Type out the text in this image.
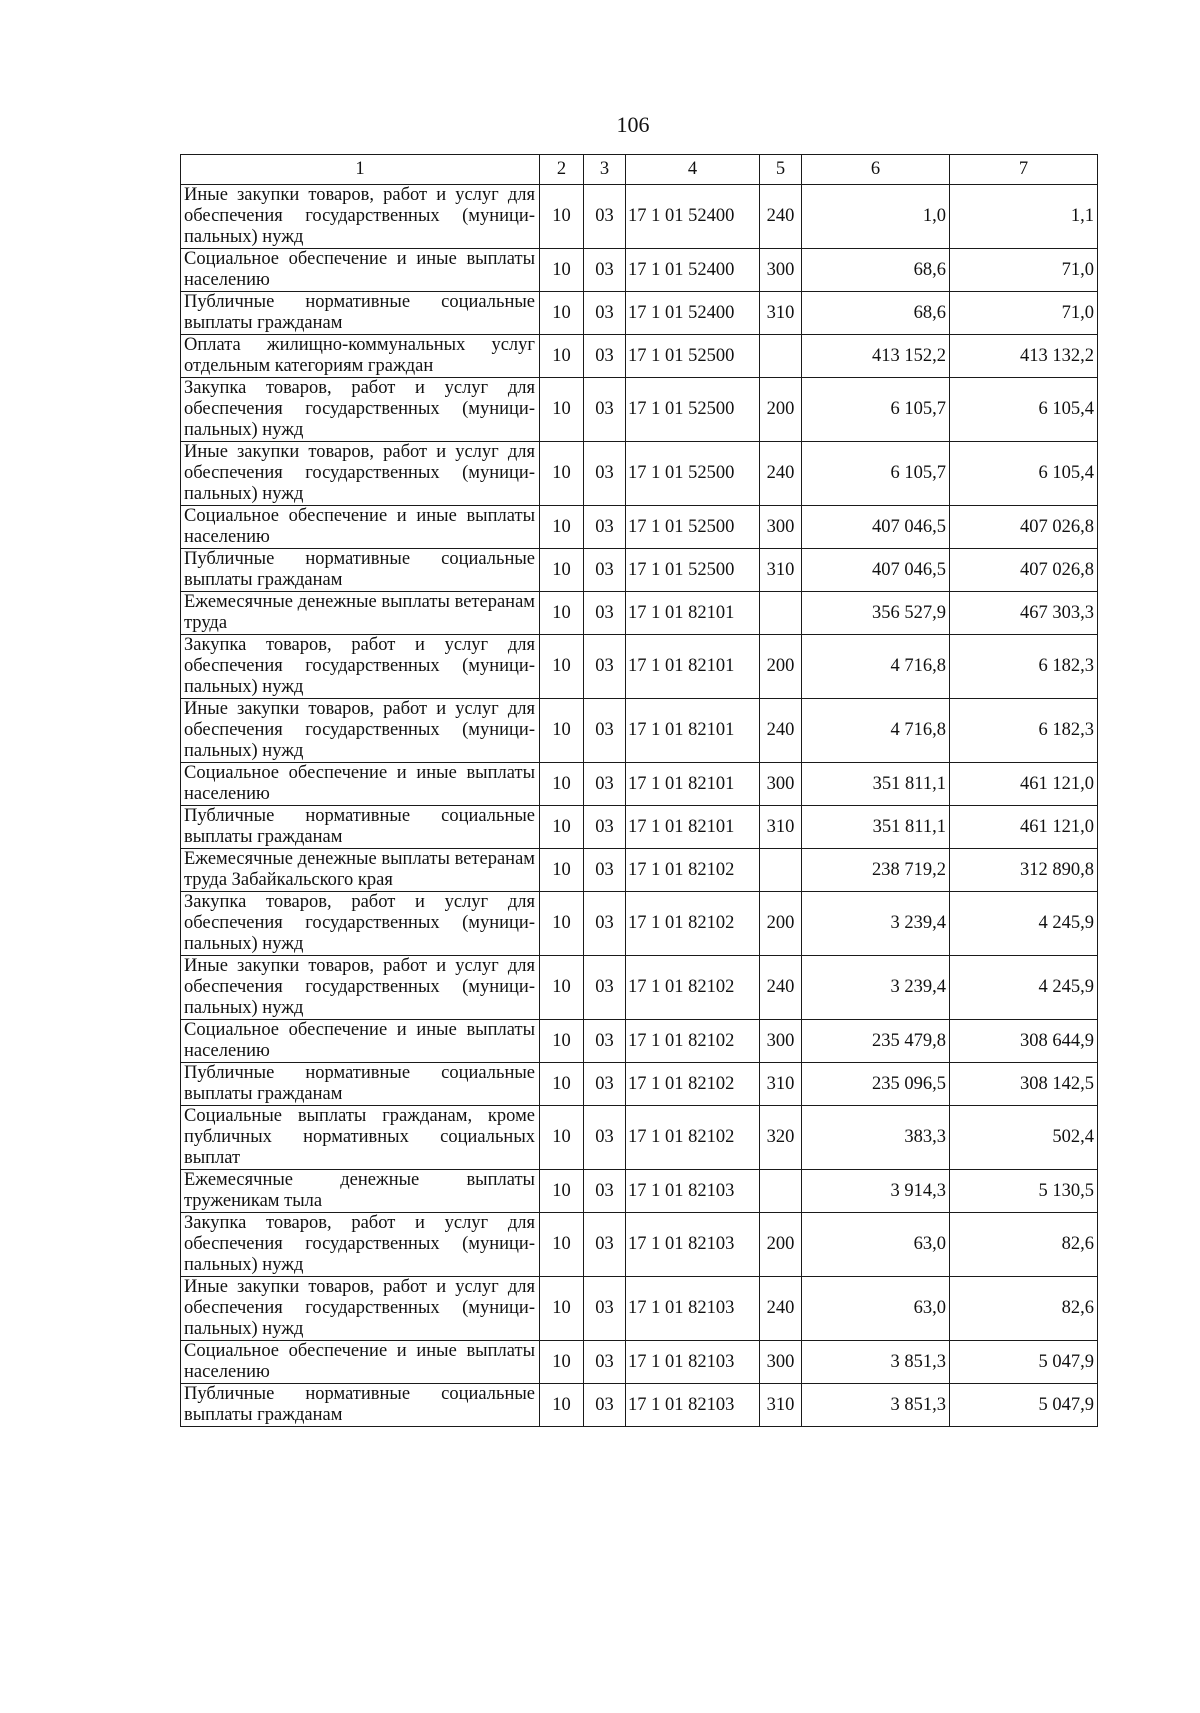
106
1	2	3	4	5	6	7
Иные закупки товаров, работ и услуг для обеспечения государственных (муници-пальных) нужд	10	03	17 1 01 52400	240	1,0	1,1
Социальное обеспечение и иные выплаты населению	10	03	17 1 01 52400	300	68,6	71,0
Публичные нормативные социальные выплаты гражданам	10	03	17 1 01 52400	310	68,6	71,0
Оплата жилищно-коммунальных услуг отдельным категориям граждан	10	03	17 1 01 52500		413 152,2	413 132,2
Закупка товаров, работ и услуг для обеспечения государственных (муници-пальных) нужд	10	03	17 1 01 52500	200	6 105,7	6 105,4
Иные закупки товаров, работ и услуг для обеспечения государственных (муници-пальных) нужд	10	03	17 1 01 52500	240	6 105,7	6 105,4
Социальное обеспечение и иные выплаты населению	10	03	17 1 01 52500	300	407 046,5	407 026,8
Публичные нормативные социальные выплаты гражданам	10	03	17 1 01 52500	310	407 046,5	407 026,8
Ежемесячные денежные выплаты ветеранам труда	10	03	17 1 01 82101		356 527,9	467 303,3
Закупка товаров, работ и услуг для обеспечения государственных (муници-пальных) нужд	10	03	17 1 01 82101	200	4 716,8	6 182,3
Иные закупки товаров, работ и услуг для обеспечения государственных (муници-пальных) нужд	10	03	17 1 01 82101	240	4 716,8	6 182,3
Социальное обеспечение и иные выплаты населению	10	03	17 1 01 82101	300	351 811,1	461 121,0
Публичные нормативные социальные выплаты гражданам	10	03	17 1 01 82101	310	351 811,1	461 121,0
Ежемесячные денежные выплаты ветеранам труда Забайкальского края	10	03	17 1 01 82102		238 719,2	312 890,8
Закупка товаров, работ и услуг для обеспечения государственных (муници-пальных) нужд	10	03	17 1 01 82102	200	3 239,4	4 245,9
Иные закупки товаров, работ и услуг для обеспечения государственных (муници-пальных) нужд	10	03	17 1 01 82102	240	3 239,4	4 245,9
Социальное обеспечение и иные выплаты населению	10	03	17 1 01 82102	300	235 479,8	308 644,9
Публичные нормативные социальные выплаты гражданам	10	03	17 1 01 82102	310	235 096,5	308 142,5
Социальные выплаты гражданам, кроме публичных нормативных социальных выплат	10	03	17 1 01 82102	320	383,3	502,4
Ежемесячные денежные выплаты труженикам тыла	10	03	17 1 01 82103		3 914,3	5 130,5
Закупка товаров, работ и услуг для обеспечения государственных (муници-пальных) нужд	10	03	17 1 01 82103	200	63,0	82,6
Иные закупки товаров, работ и услуг для обеспечения государственных (муници-пальных) нужд	10	03	17 1 01 82103	240	63,0	82,6
Социальное обеспечение и иные выплаты населению	10	03	17 1 01 82103	300	3 851,3	5 047,9
Публичные нормативные социальные выплаты гражданам	10	03	17 1 01 82103	310	3 851,3	5 047,9
